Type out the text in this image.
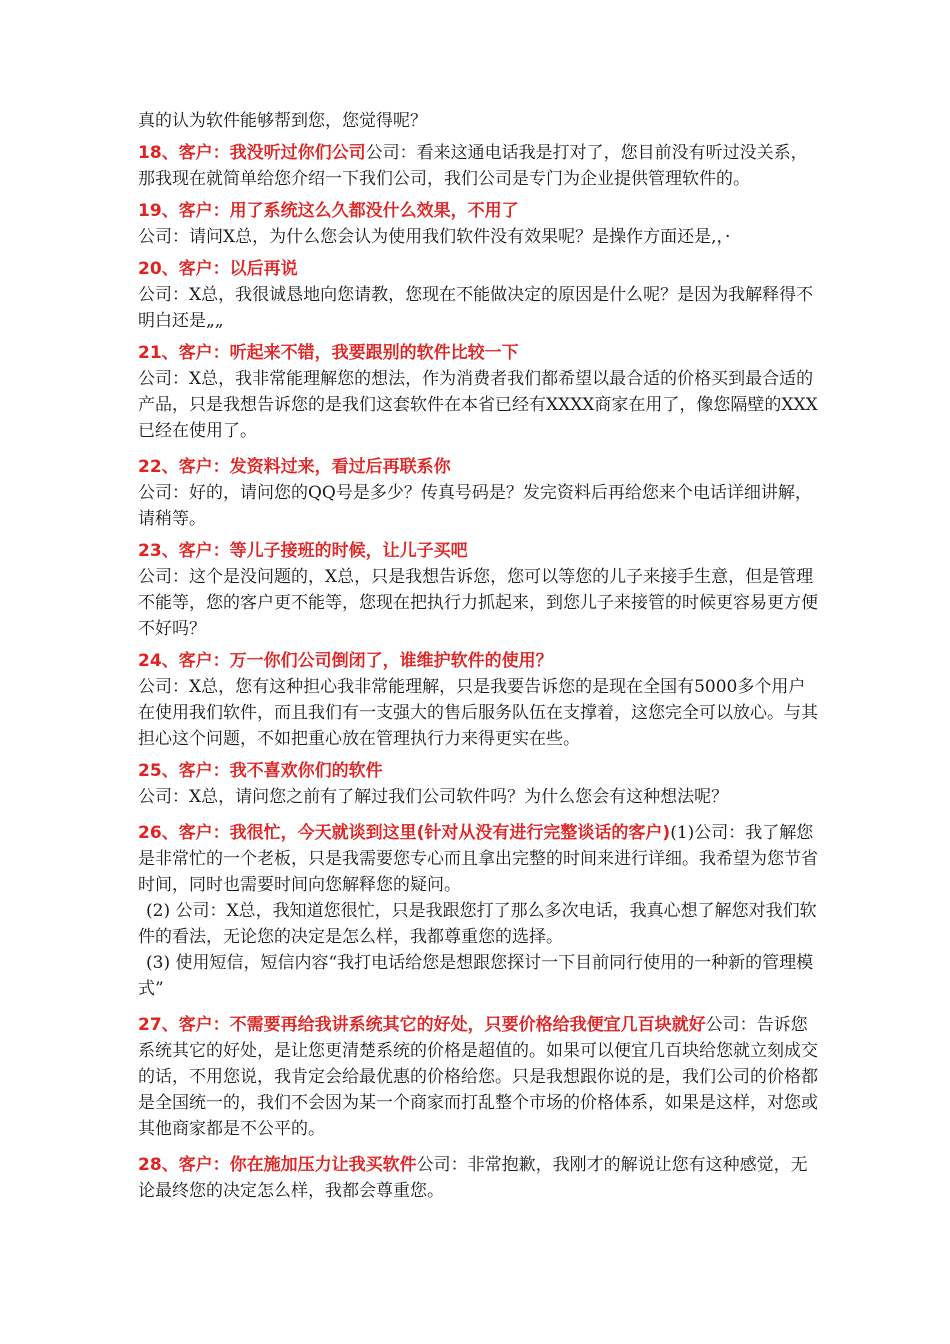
真的认为软件能够帮到您，您觉得呢？

18、客户：我没听过你们公司公司：看来这通电话我是打对了，您目前没有听过没关系，那我现在就简单给您介绍一下我们公司，我们公司是专门为企业提供管理软件的。

19、客户：用了系统这么久都没什么效果，不用了

公司：请问X总，为什么您会认为使用我们软件没有效果呢？是操作方面还是,，·

20、客户：以后再说

公司：X总，我很诚恳地向您请教，您现在不能做决定的原因是什么呢？是因为我解释得不明白还是„„

21、客户：听起来不错，我要跟别的软件比较一下

公司：X总，我非常能理解您的想法，作为消费者我们都希望以最合适的价格买到最合适的产品，只是我想告诉您的是我们这套软件在本省已经有XXXX商家在用了，像您隔壁的XXX已经在使用了。

22、客户：发资料过来，看过后再联系你

公司：好的，请问您的QQ号是多少？传真号码是？发完资料后再给您来个电话详细讲解，请稍等。

23、客户：等儿子接班的时候，让儿子买吧

公司：这个是没问题的，X总，只是我想告诉您，您可以等您的儿子来接手生意，但是管理不能等，您的客户更不能等，您现在把执行力抓起来，到您儿子来接管的时候更容易更方便不好吗？

24、客户：万一你们公司倒闭了，谁维护软件的使用？

公司：X总，您有这种担心我非常能理解，只是我要告诉您的是现在全国有5000多个用户在使用我们软件，而且我们有一支强大的售后服务队伍在支撑着，这您完全可以放心。与其担心这个问题，不如把重心放在管理执行力来得更实在些。

25、客户：我不喜欢你们的软件

公司：X总，请问您之前有了解过我们公司软件吗？为什么您会有这种想法呢？

26、客户：我很忙，今天就谈到这里(针对从没有进行完整谈话的客户)(1)公司：我了解您是非常忙的一个老板，只是我需要您专心而且拿出完整的时间来进行详细。我希望为您节省时间，同时也需要时间向您解释您的疑问。

(2) 公司：X总，我知道您很忙，只是我跟您打了那么多次电话，我真心想了解您对我们软件的看法，无论您的决定是怎么样，我都尊重您的选择。

(3) 使用短信，短信内容“我打电话给您是想跟您探讨一下目前同行使用的一种新的管理模式”

27、客户：不需要再给我讲系统其它的好处，只要价格给我便宜几百块就好公司：告诉您系统其它的好处，是让您更清楚系统的价格是超值的。如果可以便宜几百块给您就立刻成交的话，不用您说，我肯定会给最优惠的价格给您。只是我想跟你说的是，我们公司的价格都是全国统一的，我们不会因为某一个商家而打乱整个市场的价格体系，如果是这样，对您或其他商家都是不公平的。

28、客户：你在施加压力让我买软件公司：非常抱歉，我刚才的解说让您有这种感觉，无论最终您的决定怎么样，我都会尊重您。
